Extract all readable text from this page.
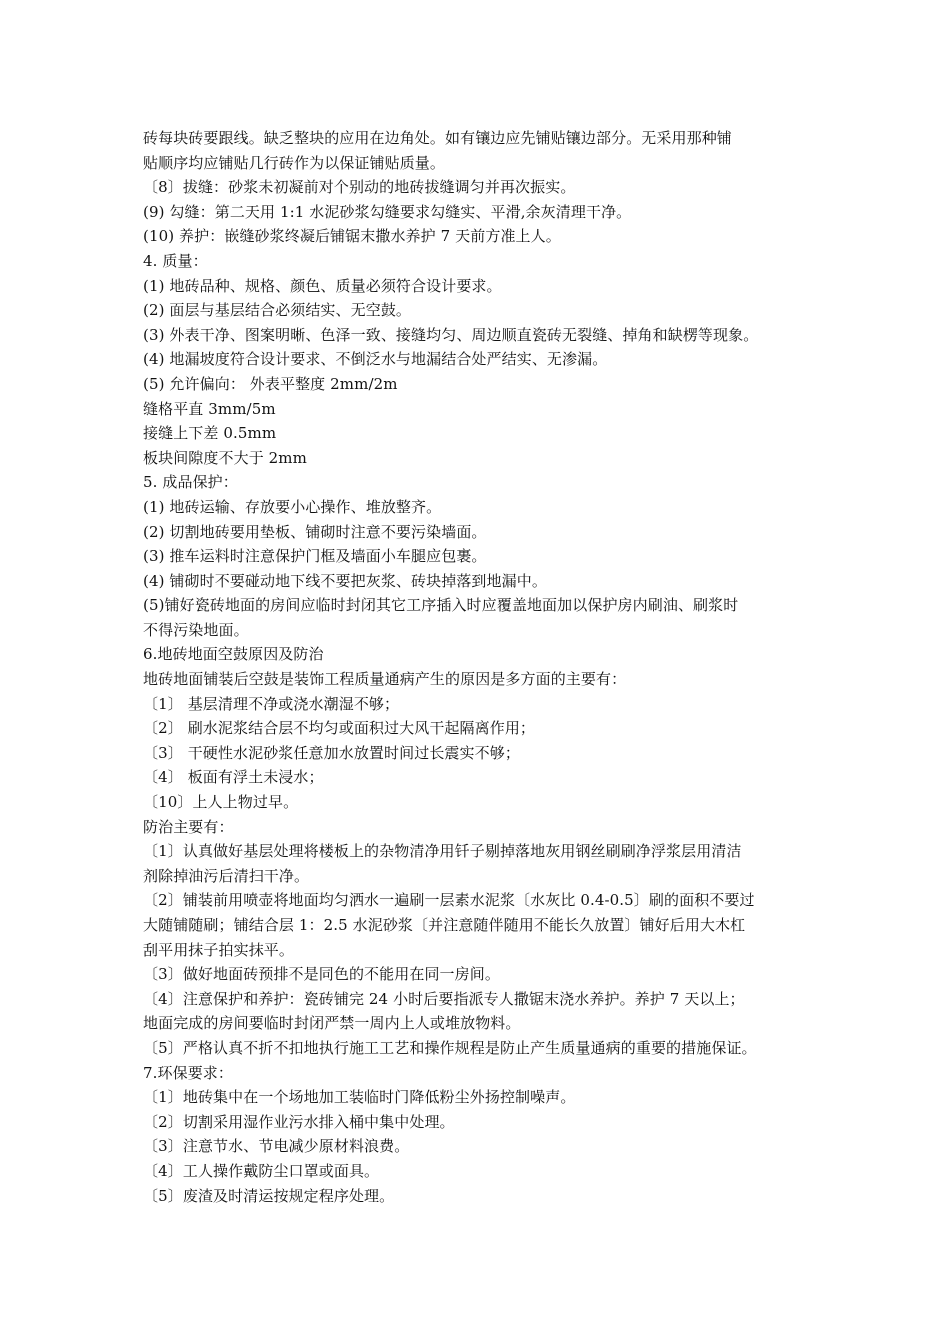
砖每块砖要跟线。缺乏整块的应用在边角处。如有镶边应先铺贴镶边部分。无采用那种铺
贴顺序均应铺贴几行砖作为以保证铺贴质量。
〔8〕拔缝：砂浆未初凝前对个别动的地砖拔缝调匀并再次振实。
(9) 勾缝：第二天用 1:1 水泥砂浆勾缝要求勾缝实、平滑,余灰清理干净。
(10) 养护：嵌缝砂浆终凝后铺锯末撒水养护 7 天前方准上人。
4. 质量：
(1) 地砖品种、规格、颜色、质量必须符合设计要求。
(2) 面层与基层结合必须结实、无空鼓。
(3) 外表干净、图案明晰、色泽一致、接缝均匀、周边顺直瓷砖无裂缝、掉角和缺楞等现象。
(4) 地漏坡度符合设计要求、不倒泛水与地漏结合处严结实、无渗漏。
(5) 允许偏向： 外表平整度 2mm/2m
缝格平直 3mm/5m
接缝上下差 0.5mm
板块间隙度不大于 2mm
5. 成品保护：
(1) 地砖运输、存放要小心操作、堆放整齐。
(2) 切割地砖要用垫板、铺砌时注意不要污染墙面。
(3) 推车运料时注意保护门框及墙面小车腿应包裹。
(4) 铺砌时不要碰动地下线不要把灰浆、砖块掉落到地漏中。
(5)铺好瓷砖地面的房间应临时封闭其它工序插入时应覆盖地面加以保护房内刷油、刷浆时
不得污染地面。
6.地砖地面空鼓原因及防治
地砖地面铺装后空鼓是装饰工程质量通病产生的原因是多方面的主要有：
〔1〕 基层清理不净或浇水潮湿不够；
〔2〕 刷水泥浆结合层不均匀或面积过大风干起隔离作用；
〔3〕 干硬性水泥砂浆任意加水放置时间过长震实不够；
〔4〕 板面有浮土未浸水；
〔10〕上人上物过早。
防治主要有：
〔1〕认真做好基层处理将楼板上的杂物清净用钎子剔掉落地灰用钢丝刷刷净浮浆层用清洁
剂除掉油污后清扫干净。
〔2〕铺装前用喷壶将地面均匀洒水一遍刷一层素水泥浆〔水灰比 0.4-0.5〕刷的面积不要过
大随铺随刷；铺结合层 1：2.5 水泥砂浆〔并注意随伴随用不能长久放置〕铺好后用大木杠
刮平用抹子拍实抹平。
〔3〕做好地面砖预排不是同色的不能用在同一房间。
〔4〕注意保护和养护：瓷砖铺完 24 小时后要指派专人撒锯末浇水养护。养护 7 天以上；
地面完成的房间要临时封闭严禁一周内上人或堆放物料。
〔5〕严格认真不折不扣地执行施工工艺和操作规程是防止产生质量通病的重要的措施保证。
7.环保要求：
〔1〕地砖集中在一个场地加工装临时门降低粉尘外扬控制噪声。
〔2〕切割采用湿作业污水排入桶中集中处理。
〔3〕注意节水、节电减少原材料浪费。
〔4〕工人操作戴防尘口罩或面具。
〔5〕废渣及时清运按规定程序处理。
